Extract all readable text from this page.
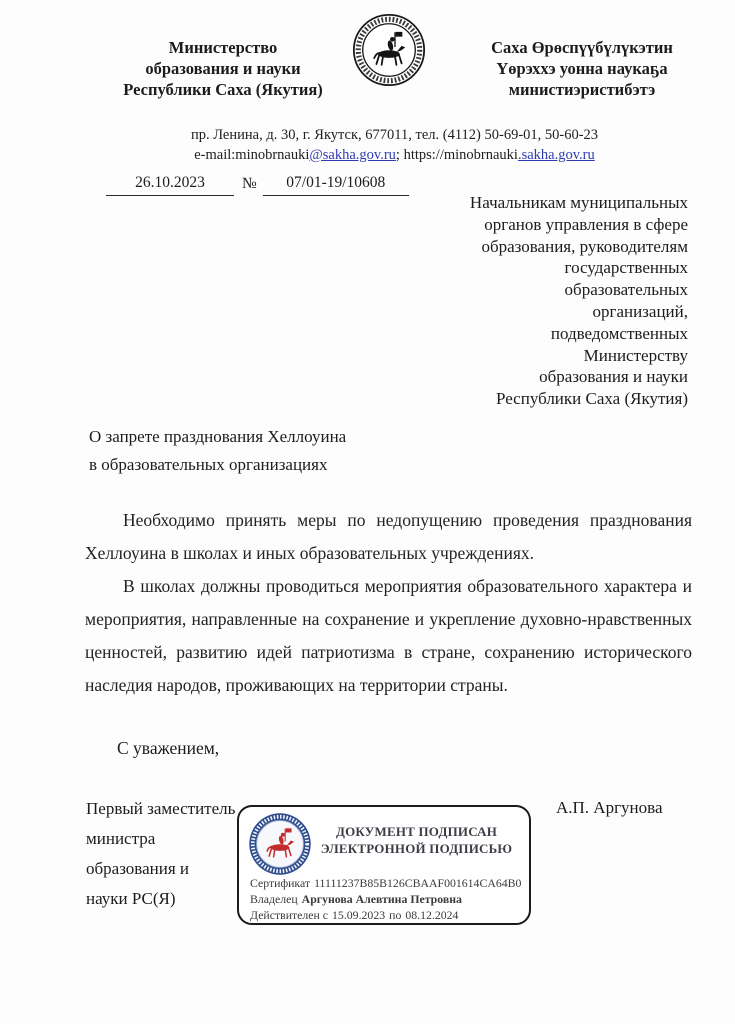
Министерство
образования и науки
Республики Саха (Якутия)
Саха Өрөспүүбүлүкэтин
Үөрэххэ уонна наукаҕа
министиэристибэтэ
пр. Ленина, д. 30, г. Якутск, 677011, тел. (4112) 50-69-01, 50-60-23
e-mail:minobrnauki@sakha.gov.ru; https://minobrnauki.sakha.gov.ru
26.10.2023	№	07/01-19/10608
Начальникам муниципальных
органов управления в сфере
образования, руководителям
государственных
образовательных
организаций,
подведомственных
Министерству
образования и науки
Республики Саха (Якутия)
О запрете празднования Хеллоуина
в образовательных организациях

Необходимо принять меры по недопущению проведения празднования Хеллоуина в школах и иных образовательных учреждениях.

В школах должны проводиться мероприятия образовательного характера и мероприятия, направленные на сохранение и укрепление духовно-нравственных ценностей, развитию идей патриотизма в стране, сохранению исторического наследия народов, проживающих на территории страны.

С уважением,
Первый заместитель
министра
образования и
науки РС(Я)
ДОКУМЕНТ ПОДПИСАН
ЭЛЕКТРОННОЙ ПОДПИСЬЮ
Сертификат 11111237B85B126CBAAF001614CA64B0
Владелец Аргунова Алевтина Петровна
Действителен с 15.09.2023 по 08.12.2024
А.П. Аргунова
